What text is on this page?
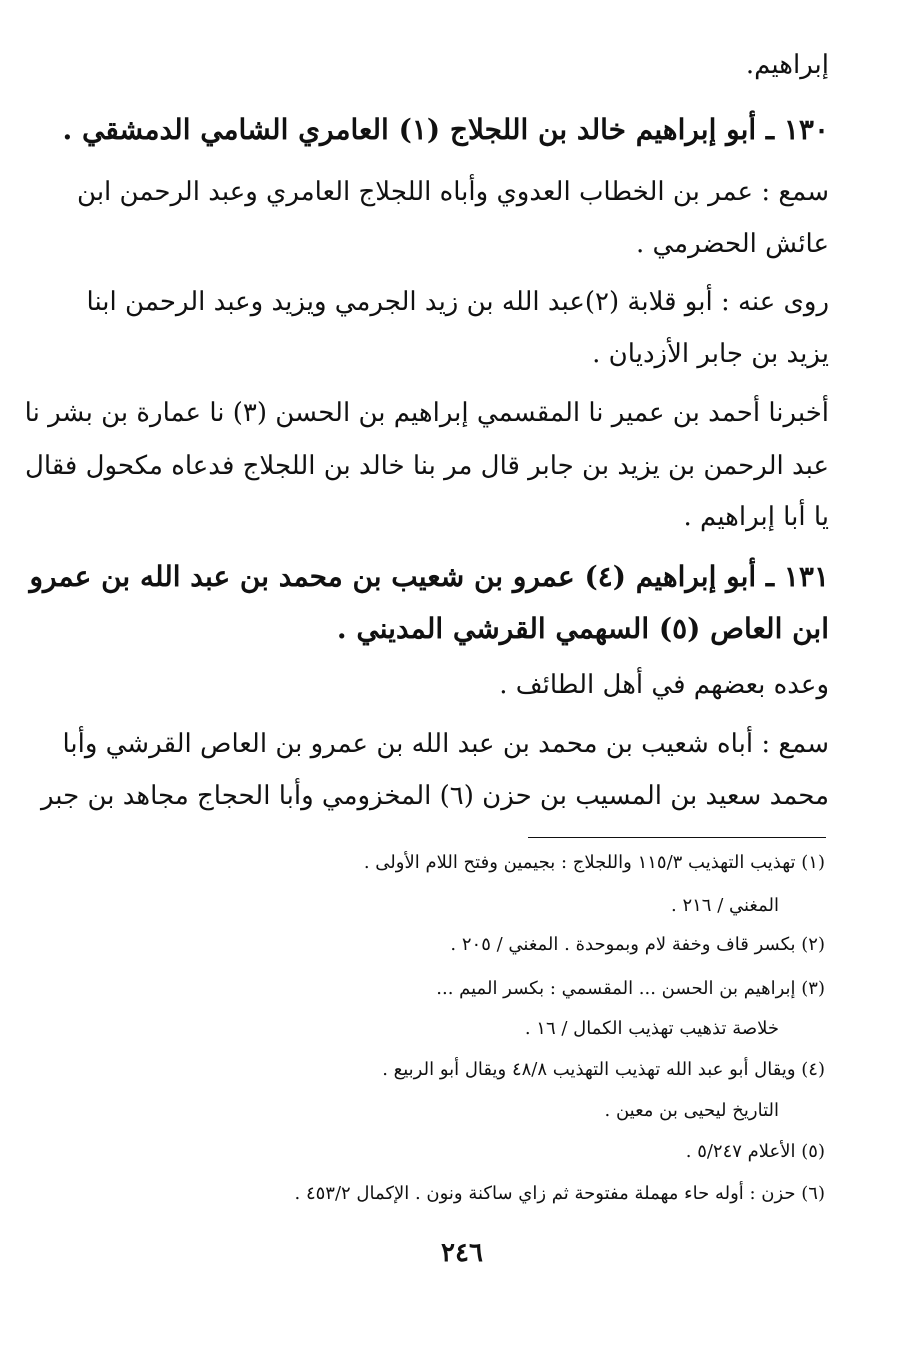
إبراهيم.
١٣٠ ـ أبو إبراهيم خالد بن اللجلاج (١) العامري الشامي الدمشقي .
سمع : عمر بن الخطاب العدوي وأباه اللجلاج العامري وعبد الرحمن ابن
عائش الحضرمي .
روى عنه : أبو قلابة (٢)عبد الله بن زيد الجرمي ويزيد وعبد الرحمن ابنا
يزيد بن جابر الأزديان .
أخبرنا أحمد بن عمير نا المقسمي إبراهيم بن الحسن (٣) نا عمارة بن بشر نا
عبد الرحمن بن يزيد بن جابر قال مر بنا خالد بن اللجلاج فدعاه مكحول فقال
يا أبا إبراهيم .
١٣١ ـ أبو إبراهيم (٤) عمرو بن شعيب بن محمد بن عبد الله بن عمرو
ابن العاص (٥) السهمي القرشي المديني .
وعده بعضهم في أهل الطائف .
سمع : أباه شعيب بن محمد بن عبد الله بن عمرو بن العاص القرشي وأبا
محمد سعيد بن المسيب بن حزن (٦) المخزومي وأبا الحجاج مجاهد بن جبر
(١) تهذيب التهذيب ١١٥/٣ واللجلاج : بجيمين وفتح اللام الأولى .
المغني / ٢١٦ .
(٢) بكسر قاف وخفة لام وبموحدة . المغني / ٢٠٥ .
(٣) إبراهيم بن الحسن ... المقسمي : بكسر الميم ...
خلاصة تذهيب تهذيب الكمال / ١٦ .
(٤) ويقال أبو عبد الله تهذيب التهذيب ٤٨/٨ ويقال أبو الربيع .
التاريخ ليحيى بن معين .
(٥) الأعلام ٥/٢٤٧ .
(٦) حزن : أوله حاء مهملة مفتوحة ثم زاي ساكنة ونون . الإكمال ٤٥٣/٢ .
٢٤٦
